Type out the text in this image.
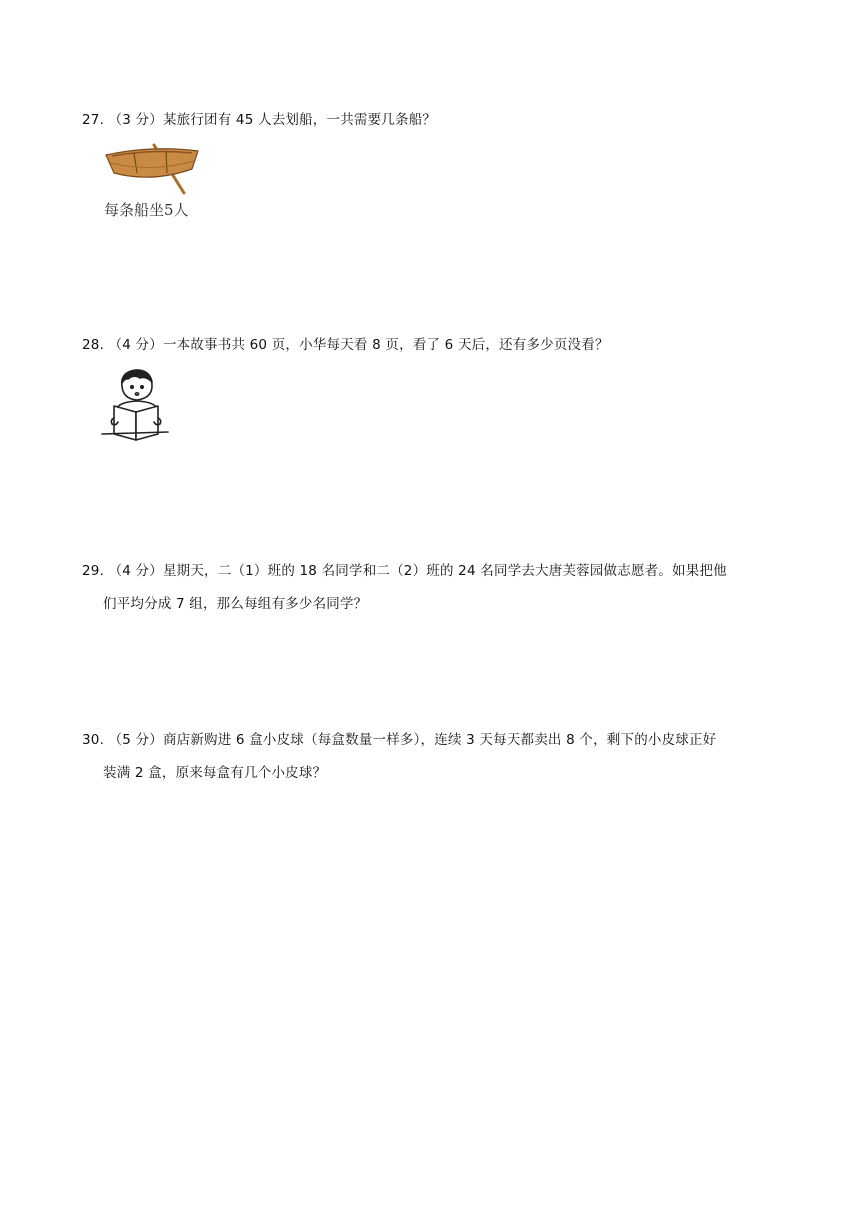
27. （3 分）某旅行团有 45 人去划船，一共需要几条船？
每条船坐5人
28. （4 分）一本故事书共 60 页，小华每天看 8 页，看了 6 天后，还有多少页没看？
29. （4 分）星期天，二（1）班的 18 名同学和二（2）班的 24 名同学去大唐芙蓉园做志愿者。如果把他
们平均分成 7 组，那么每组有多少名同学？
30. （5 分）商店新购进 6 盒小皮球（每盒数量一样多），连续 3 天每天都卖出 8 个，剩下的小皮球正好
装满 2 盒，原来每盒有几个小皮球？
